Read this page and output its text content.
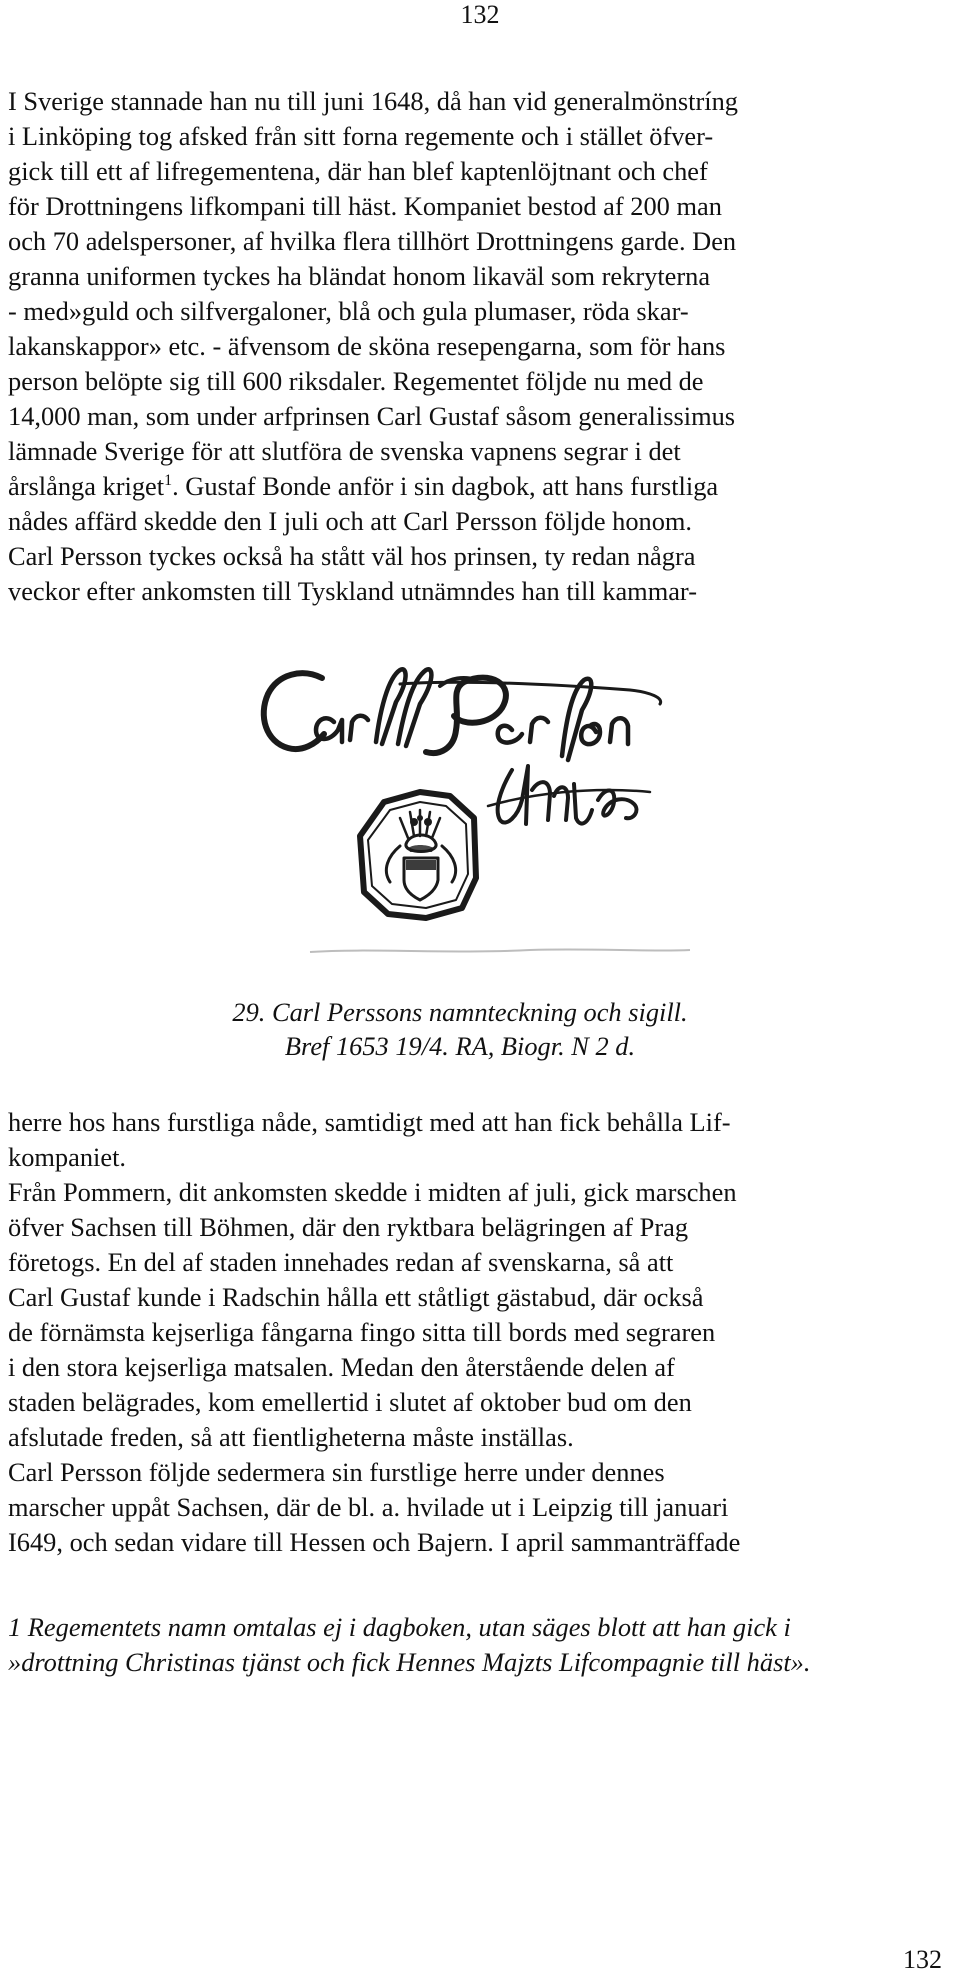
132
I Sverige stannade han nu till juni 1648, då han vid generalmönstríng
i Linköping tog afsked från sitt forna regemente och i stället öfver-
gick till ett af lifregementena, där han blef kaptenlöjtnant och chef
för Drottningens lifkompani till häst. Kompaniet bestod af 200 man
och 70 adelspersoner, af hvilka flera tillhört Drottningens garde. Den
granna uniformen tyckes ha bländat honom likaväl som rekryterna
- med»guld och silfvergaloner, blå och gula plumaser, röda skar-
lakanskappor» etc. - äfvensom de sköna resepengarna, som för hans
person belöpte sig till 600 riksdaler. Regementet följde nu med de
14,000 man, som under arfprinsen Carl Gustaf såsom generalissimus
lämnade Sverige för att slutföra de svenska vapnens segrar i det
årslånga kriget$^1$. Gustaf Bonde anför i sin dagbok, att hans furstliga
nådes affärd skedde den I juli och att Carl Persson följde honom.
Carl Persson tyckes också ha stått väl hos prinsen, ty redan några
veckor efter ankomsten till Tyskland utnämndes han till kammar-
29. Carl Perssons namnteckning och sigill.
Bref 1653 19/4. RA, Biogr. N 2 d.
herre hos hans furstliga nåde, samtidigt med att han fick behålla Lif-
kompaniet.
Från Pommern, dit ankomsten skedde i midten af juli, gick marschen
öfver Sachsen till Böhmen, där den ryktbara belägringen af Prag
företogs. En del af staden innehades redan af svenskarna, så att
Carl Gustaf kunde i Radschin hålla ett ståtligt gästabud, där också
de förnämsta kejserliga fångarna fingo sitta till bords med segraren
i den stora kejserliga matsalen. Medan den återstående delen af
staden belägrades, kom emellertid i slutet af oktober bud om den
afslutade freden, så att fientligheterna måste inställas.
Carl Persson följde sedermera sin furstlige herre under dennes
marscher uppåt Sachsen, där de bl. a. hvilade ut i Leipzig till januari
I649, och sedan vidare till Hessen och Bajern. I april sammanträffade
1 Regementets namn omtalas ej i dagboken, utan säges blott att han gick i
»drottning Christinas tjänst och fick Hennes Majzts Lifcompagnie till häst».
132
